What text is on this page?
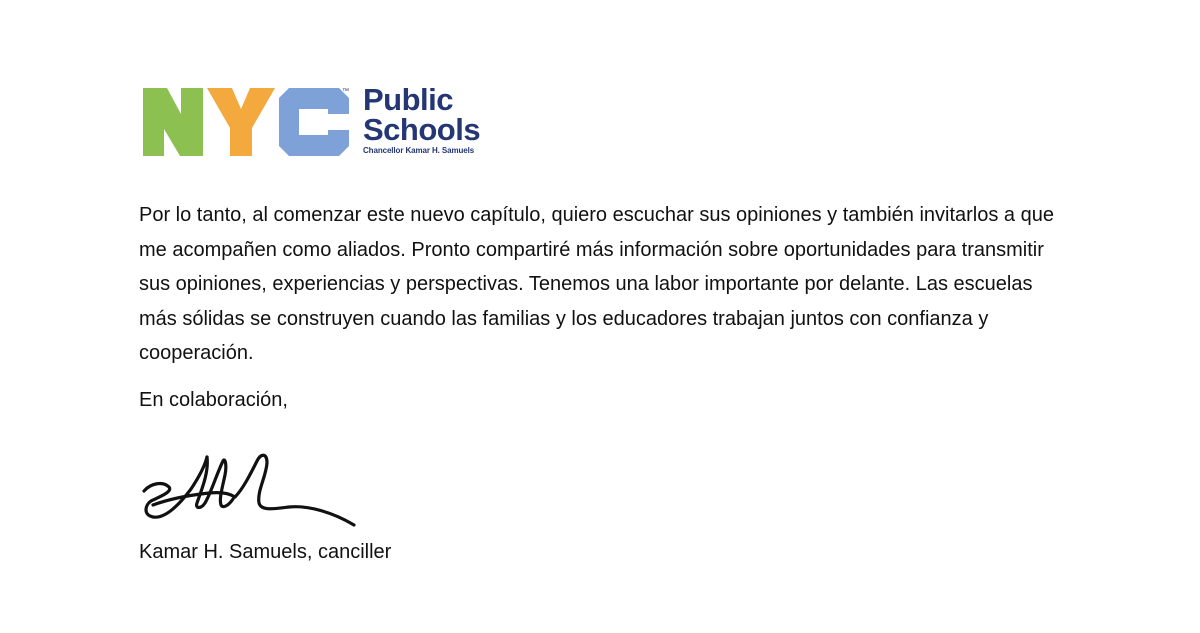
™ Public
Schools
Chancellor Kamar H. Samuels

Por lo tanto, al comenzar este nuevo capítulo, quiero escuchar sus opiniones y también invitarlos a que me acompañen como aliados. Pronto compartiré más información sobre oportunidades para transmitir sus opiniones, experiencias y perspectivas. Tenemos una labor importante por delante. Las escuelas más sólidas se construyen cuando las familias y los educadores trabajan juntos con confianza y cooperación.

En colaboración,

Kamar H. Samuels, canciller
